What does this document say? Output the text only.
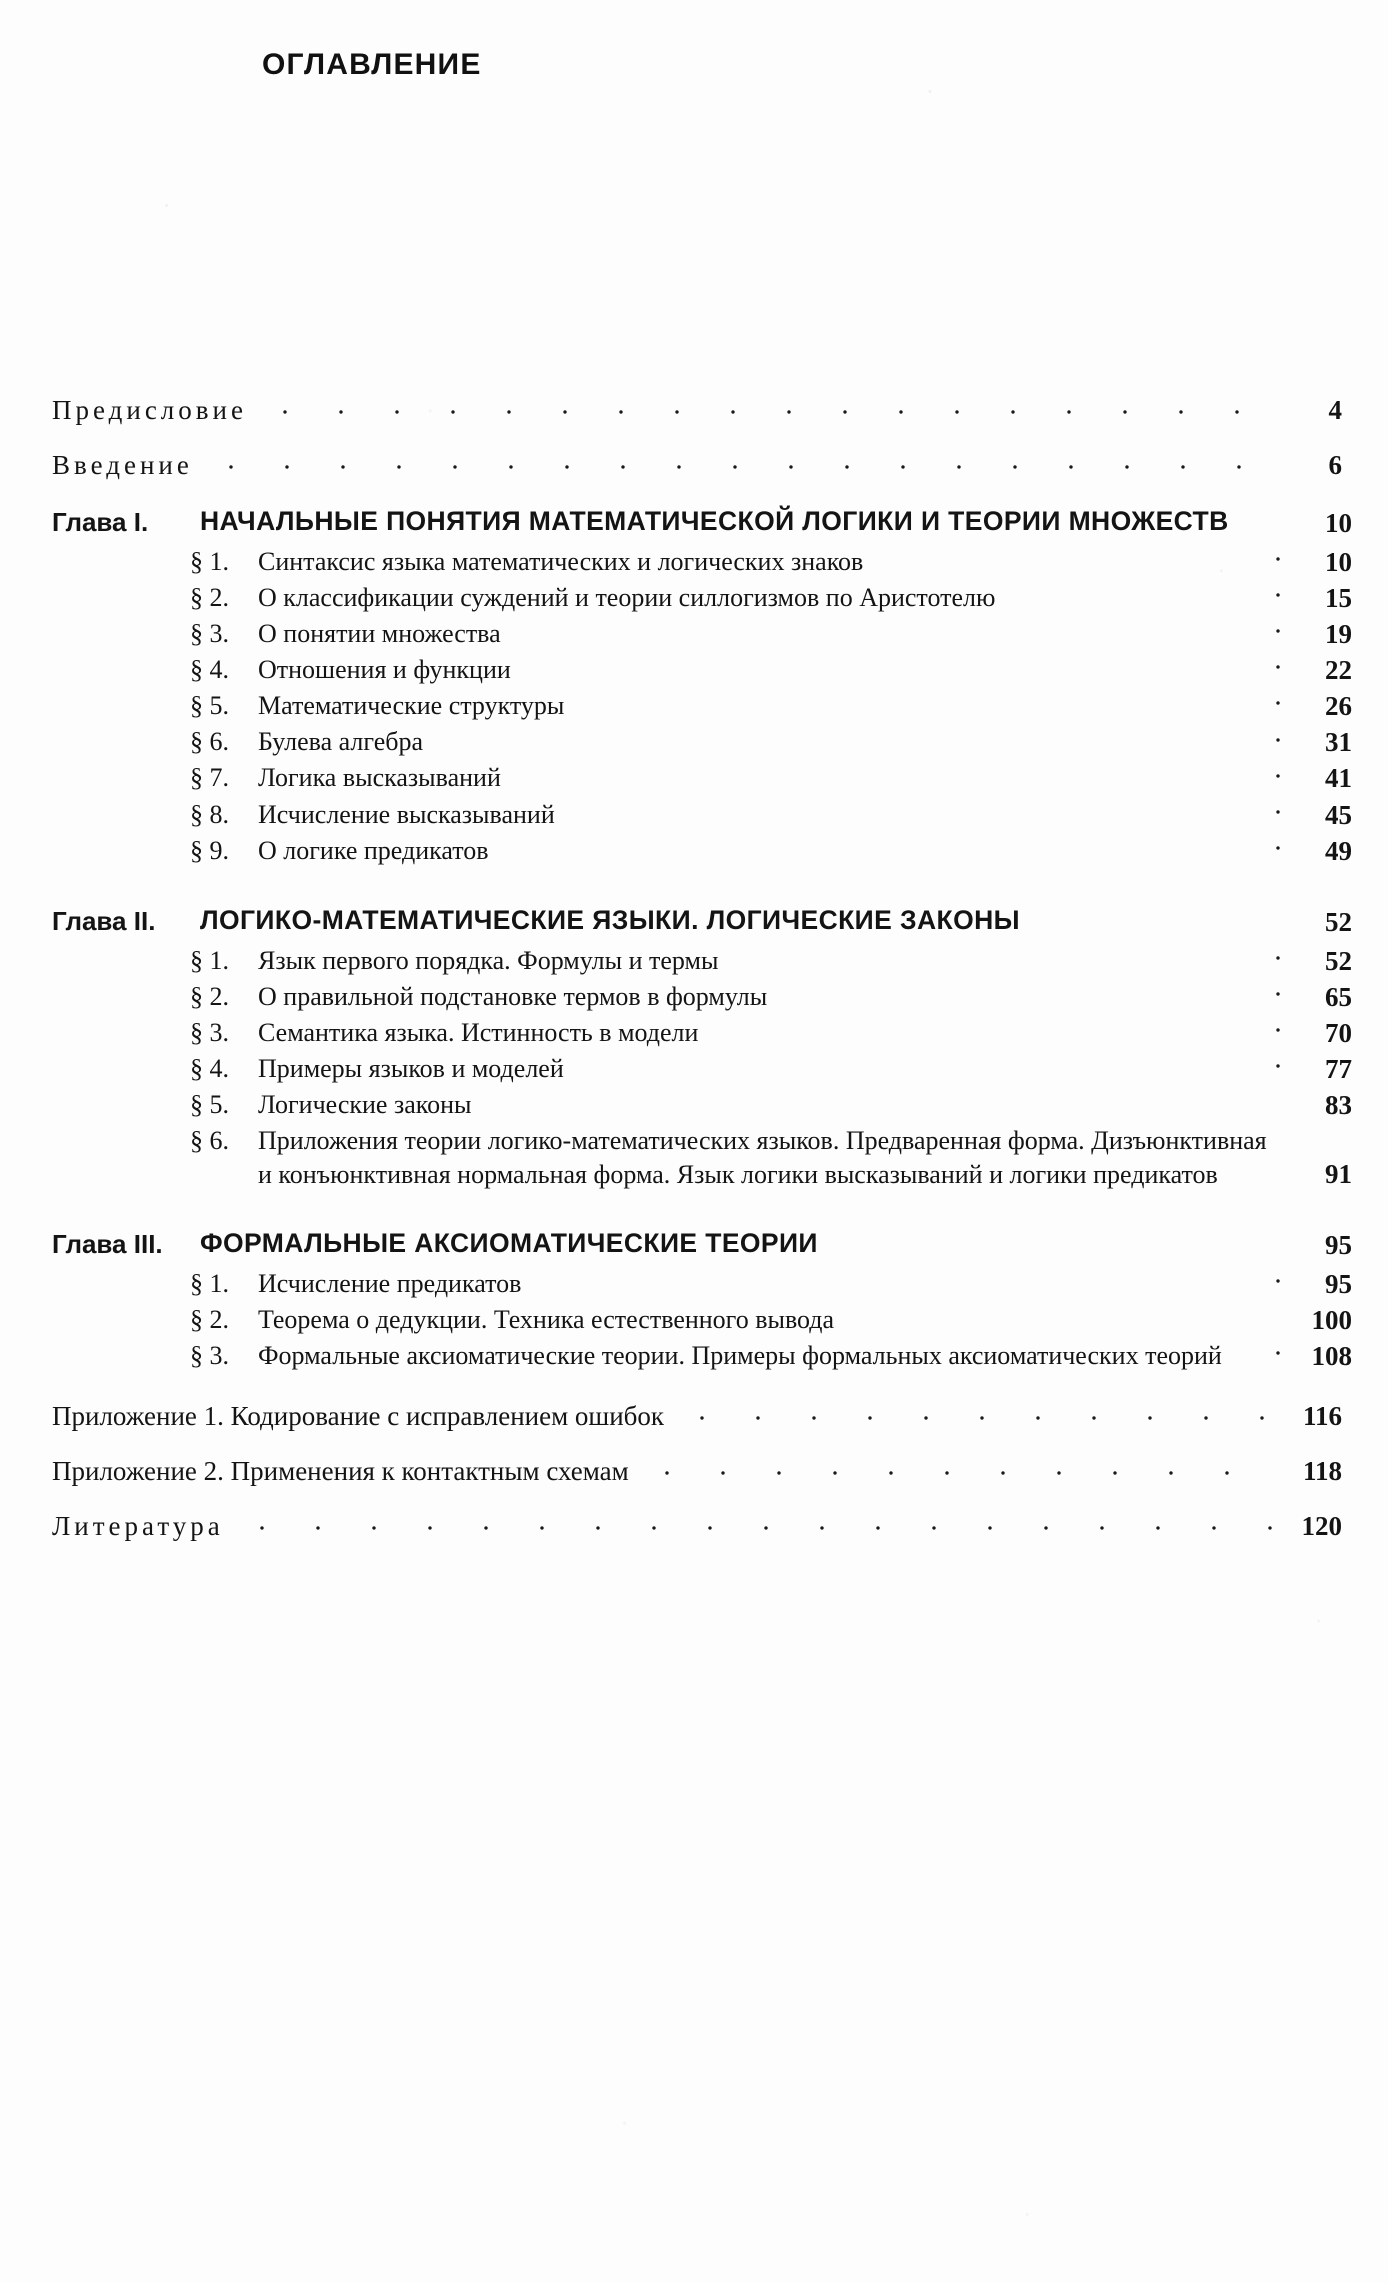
ОГЛАВЛЕНИЕ
Предисловие	4
Введение	6
Глава I.	НАЧАЛЬНЫЕ ПОНЯТИЯ МАТЕМАТИЧЕСКОЙ ЛОГИКИ И ТЕОРИИ МНОЖЕСТВ	10
§ 1.	Синтаксис языка математических и логических знаков	10
§ 2.	О классификации суждений и теории силлогизмов по Аристотелю	15
§ 3.	О понятии множества	19
§ 4.	Отношения и функции	22
§ 5.	Математические структуры	26
§ 6.	Булева алгебра	31
§ 7.	Логика высказываний	41
§ 8.	Исчисление высказываний	45
§ 9.	О логике предикатов	49
Глава II.	ЛОГИКО-МАТЕМАТИЧЕСКИЕ ЯЗЫКИ. ЛОГИЧЕСКИЕ ЗАКОНЫ	52
§ 1.	Язык первого порядка. Формулы и термы	52
§ 2.	О правильной подстановке термов в формулы	65
§ 3.	Семантика языка. Истинность в модели	70
§ 4.	Примеры языков и моделей	77
§ 5.	Логические законы	83
§ 6.	Приложения теории логико-математических языков. Предваренная форма. Дизъюнктивная и конъюнктивная нормальная форма. Язык логики высказываний и логики предикатов	91
Глава III.	ФОРМАЛЬНЫЕ АКСИОМАТИЧЕСКИЕ ТЕОРИИ	95
§ 1.	Исчисление предикатов	95
§ 2.	Теорема о дедукции. Техника естественного вывода	100
§ 3.	Формальные аксиоматические теории. Примеры формальных аксиоматических теорий	108
Приложение 1. Кодирование с исправлением ошибок	116
Приложение 2. Применения к контактным схемам	118
Литература	120
